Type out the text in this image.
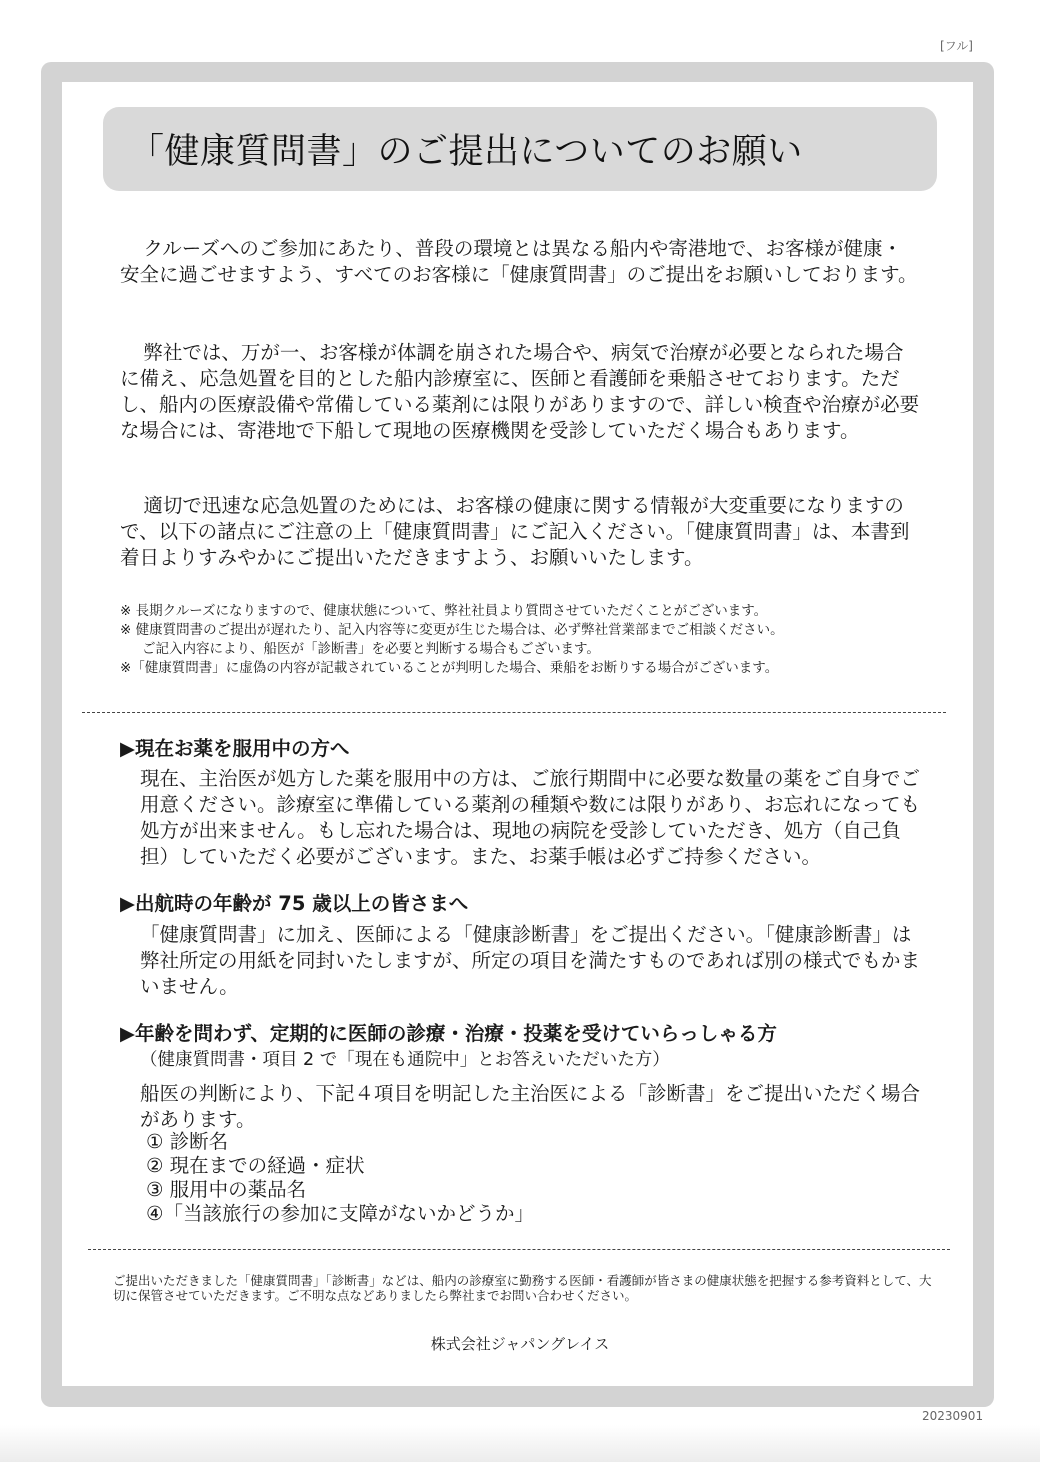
[フル]
「健康質問書」のご提出についてのお願い

クルーズへのご参加にあたり、普段の環境とは異なる船内や寄港地で、お客様が健康・安全に過ごせますよう、すべてのお客様に「健康質問書」のご提出をお願いしております。

弊社では、万が一、お客様が体調を崩された場合や、病気で治療が必要となられた場合に備え、応急処置を目的とした船内診療室に、医師と看護師を乗船させております。ただし、船内の医療設備や常備している薬剤には限りがありますので、詳しい検査や治療が必要な場合には、寄港地で下船して現地の医療機関を受診していただく場合もあります。

適切で迅速な応急処置のためには、お客様の健康に関する情報が大変重要になりますので、以下の諸点にご注意の上「健康質問書」にご記入ください。「健康質問書」は、本書到着日よりすみやかにご提出いただきますよう、お願いいたします。

※ 長期クルーズになりますので、健康状態について、弊社社員より質問させていただくことがございます。
※ 健康質問書のご提出が遅れたり、記入内容等に変更が生じた場合は、必ず弊社営業部までご相談ください。
ご記入内容により、船医が「診断書」を必要と判断する場合もございます。
※「健康質問書」に虚偽の内容が記載されていることが判明した場合、乗船をお断りする場合がございます。
▶現在お薬を服用中の方へ

現在、主治医が処方した薬を服用中の方は、ご旅行期間中に必要な数量の薬をご自身でご用意ください。診療室に準備している薬剤の種類や数には限りがあり、お忘れになっても処方が出来ません。もし忘れた場合は、現地の病院を受診していただき、処方（自己負担）していただく必要がございます。また、お薬手帳は必ずご持参ください。

▶出航時の年齢が 75 歳以上の皆さまへ

「健康質問書」に加え、医師による「健康診断書」をご提出ください。「健康診断書」は弊社所定の用紙を同封いたしますが、所定の項目を満たすものであれば別の様式でもかまいません。

▶年齢を問わず、定期的に医師の診療・治療・投薬を受けていらっしゃる方
（健康質問書・項目 2 で「現在も通院中」とお答えいただいた方）

船医の判断により、下記４項目を明記した主治医による「診断書」をご提出いただく場合があります。

① 診断名
② 現在までの経過・症状
③ 服用中の薬品名
④「当該旅行の参加に支障がないかどうか」

ご提出いただきました「健康質問書」「診断書」などは、船内の診療室に勤務する医師・看護師が皆さまの健康状態を把握する参考資料として、大切に保管させていただきます。ご不明な点などありましたら弊社までお問い合わせください。

株式会社ジャパングレイス
20230901
